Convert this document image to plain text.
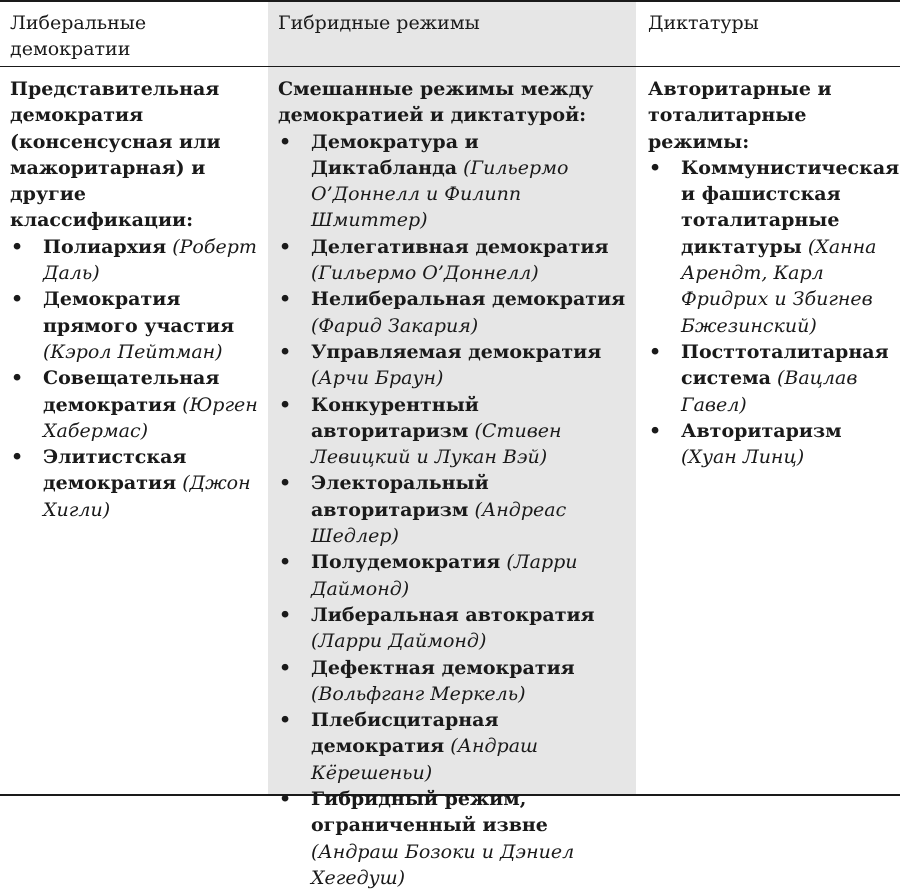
Либеральные демократии
Гибридные режимы	Диктатуры
Представительная демократия (консенсусная или мажоритарная) и другие классификации:
• Полиархия (Роберт Даль)
• Демократия прямого участия (Кэрол Пейтман)
• Совещательная демократия (Юрген Хабермас)
• Элитистская демократия (Джон Хигли)
Смешанные режимы между демократией и диктатурой:
• Демократура и Диктабланда (Гильермо О’Доннелл и Филипп Шмиттер)
• Делегативная демократия (Гильермо О’Доннелл)
• Нелиберальная демократия (Фарид Закария)
• Управляемая демократия (Арчи Браун)
• Конкурентный авторитаризм (Стивен Левицкий и Лукан Вэй)
• Электоральный авторитаризм (Андреас Шедлер)
• Полудемократия (Ларри Даймонд)
• Либеральная автократия (Ларри Даймонд)
• Дефектная демократия (Вольфганг Меркель)
• Плебисцитарная демократия (Андраш Кёрешеньи)
• Гибридный режим, ограниченный извне (Андраш Бозоки и Дэниел Хегедуш)
Авторитарные и тоталитарные режимы:
• Коммунистическая и фашистская тоталитарные диктатуры (Ханна Арендт, Карл Фридрих и Збигнев Бжезинский)
• Посттоталитарная система (Вацлав Гавел)
• Авторитаризм (Хуан Линц)
